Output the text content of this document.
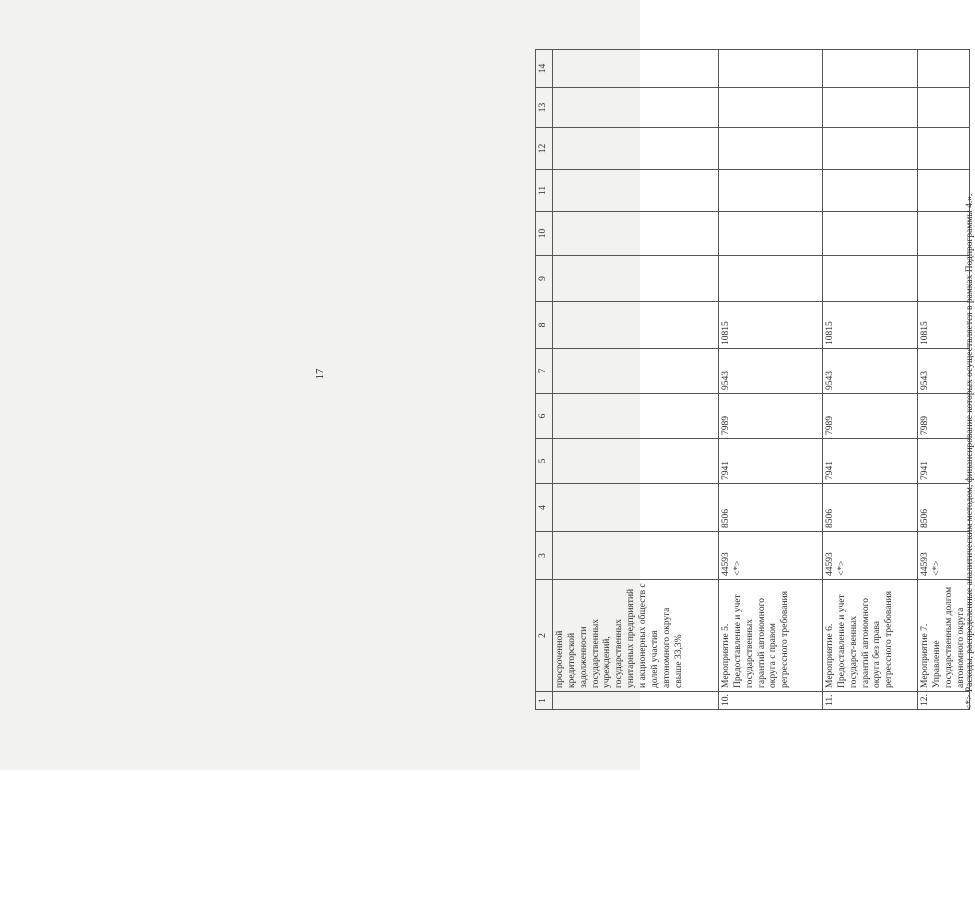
17
1	2	3	4	5	6	7	8	9	10	11	12	13	14
	просроченной кредиторской задолженности государственных учреждений, государственных унитарных предприятий и акционерных обществ с долей участия автономного округа свыше 33,3%												
10.	Мероприятие 5. Предоставление и учет государственных гарантий автономного округа с правом регрессного требования	44593 <*>	8506	7941	7989	9543	10815						
11.	Мероприятие 6. Предоставление и учет государст-венных гарантий автономного округа без права регрессного требования	44593 <*>	8506	7941	7989	9543	10815						
12.	Мероприятие 7. Управление государственным долгом автономного округа	44593 <*>	8506	7941	7989	9543	10815							<*> Расходы, распределенные аналитическим методом, финансирование которых осуществляется в рамках Подпрограммы 4.».
